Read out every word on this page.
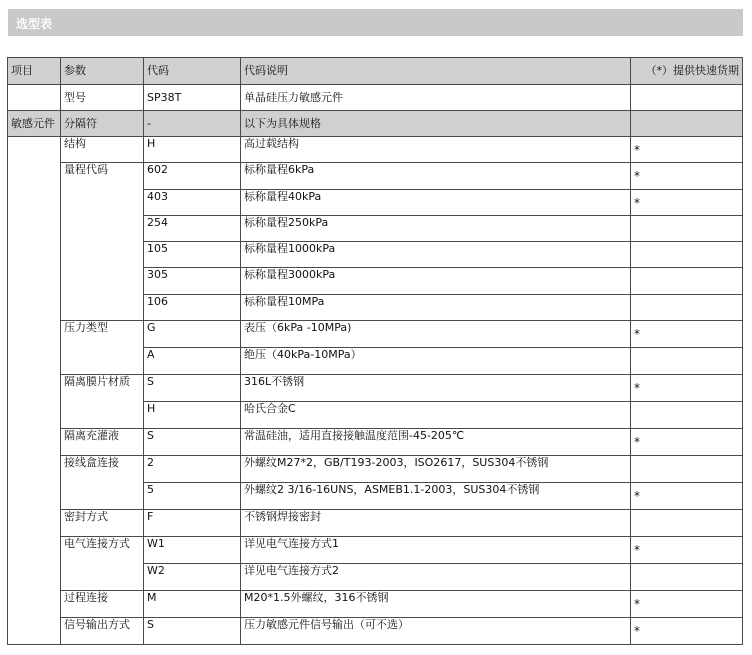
选型表
项目	参数	代码	代码说明	（*）提供快速货期
	型号	SP38T	单晶硅压力敏感元件	
敏感元件	分隔符	-	以下为具体规格	
	结构	H	高过载结构	*
	量程代码	602	标称量程6kPa	*
		403	标称量程40kPa	*
		254	标称量程250kPa	
		105	标称量程1000kPa	
		305	标称量程3000kPa	
		106	标称量程10MPa	
	压力类型	G	表压（6kPa -10MPa)	*
		A	绝压（40kPa-10MPa）	
	隔离膜片材质	S	316L不锈钢	*
		H	哈氏合金C	
	隔离充灌液	S	常温硅油，适用直接接触温度范围-45-205℃	*
	接线盒连接	2	外螺纹M27*2，GB/T193-2003，ISO2617，SUS304不锈钢	
		5	外螺纹2 3/16-16UNS，ASMEB1.1-2003，SUS304不锈钢	*
	密封方式	F	不锈钢焊接密封	
	电气连接方式	W1	详见电气连接方式1	*
		W2	详见电气连接方式2	
	过程连接	M	M20*1.5外螺纹，316不锈钢	*
	信号输出方式	S	压力敏感元件信号输出（可不选）	*
